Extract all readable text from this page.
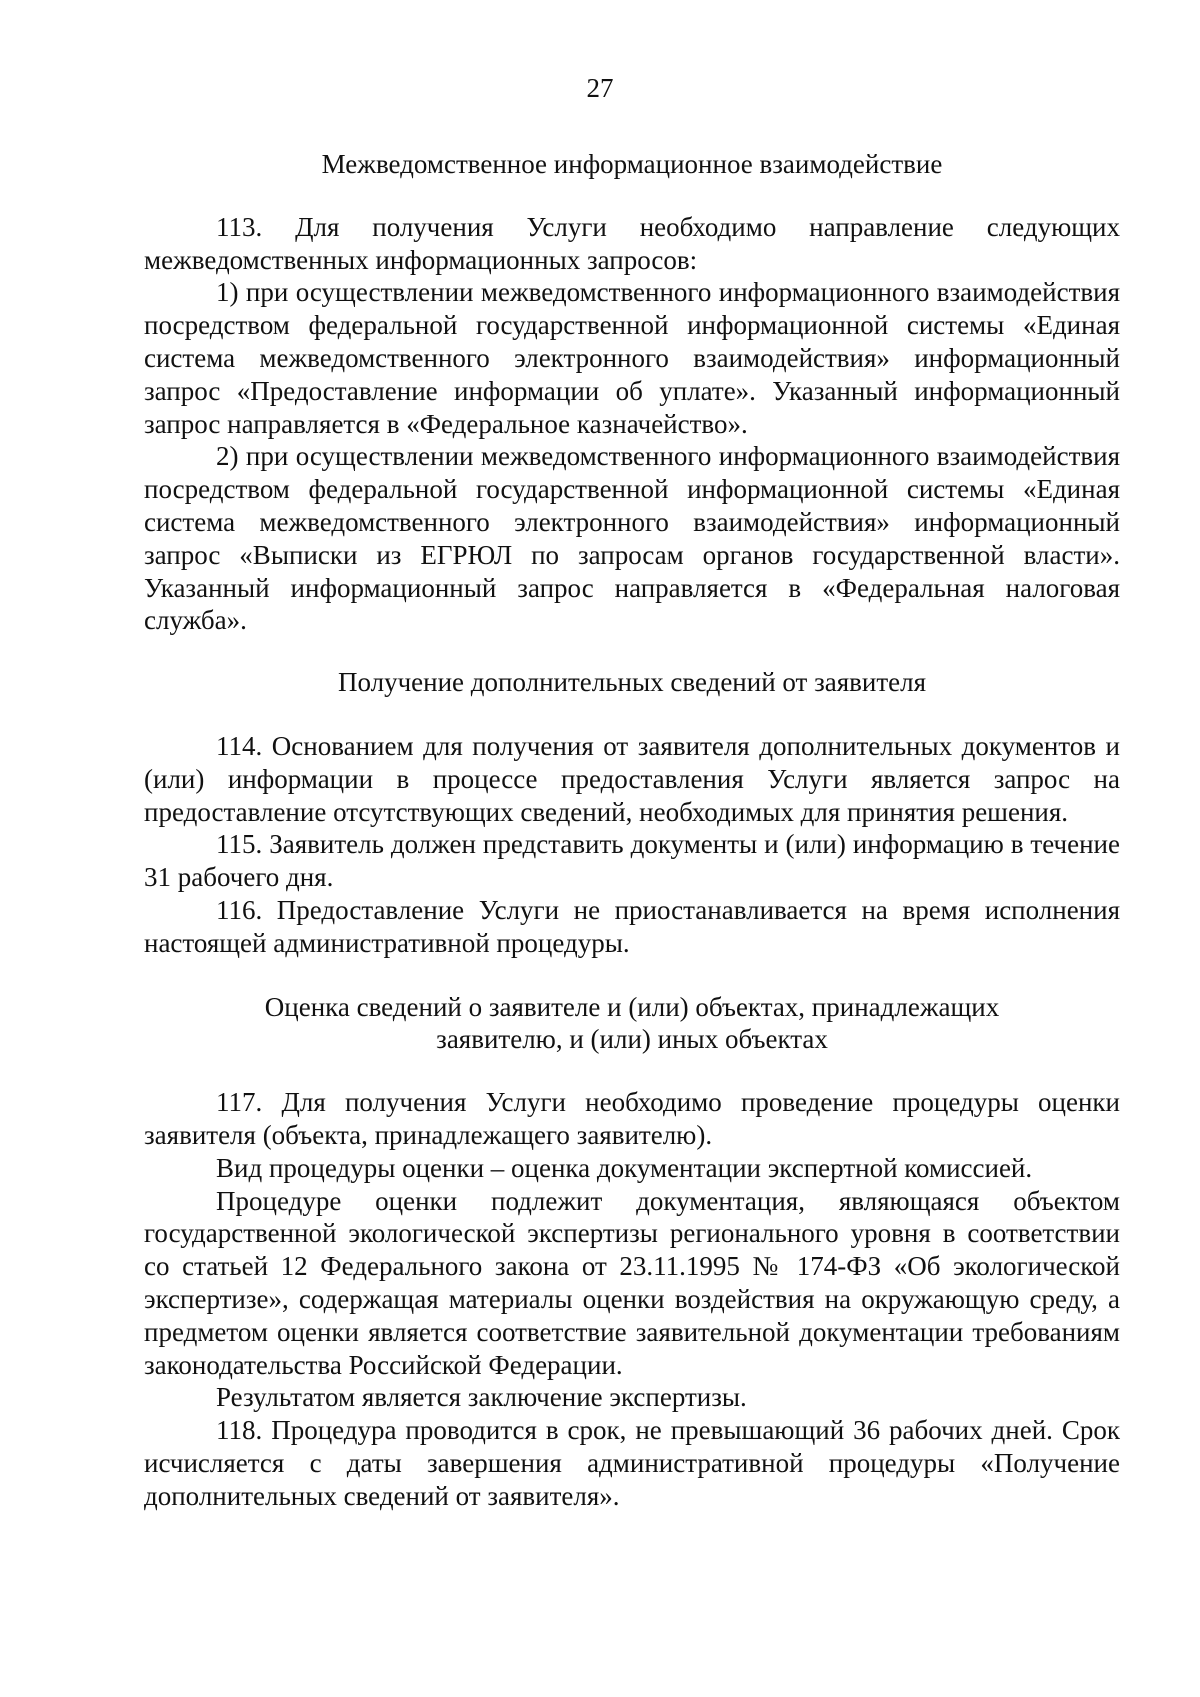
27
Межведомственное информационное взаимодействие

113. Для получения Услуги необходимо направление следующих межведомственных информационных запросов:

1) при осуществлении межведомственного информационного взаимодействия посредством федеральной государственной информационной системы «Единая система межведомственного электронного взаимодействия» информационный запрос «Предоставление информации об уплате». Указанный информационный запрос направляется в «Федеральное казначейство».

2) при осуществлении межведомственного информационного взаимодействия посредством федеральной государственной информационной системы «Единая система межведомственного электронного взаимодействия» информационный запрос «Выписки из ЕГРЮЛ по запросам органов государственной власти». Указанный информационный запрос направляется в «Федеральная налоговая служба».

Получение дополнительных сведений от заявителя

114. Основанием для получения от заявителя дополнительных документов и (или) информации в процессе предоставления Услуги является запрос на предоставление отсутствующих сведений, необходимых для принятия решения.

115. Заявитель должен представить документы и (или) информацию в течение 31 рабочего дня.

116. Предоставление Услуги не приостанавливается на время исполнения настоящей административной процедуры.

Оценка сведений о заявителе и (или) объектах, принадлежащих
заявителю, и (или) иных объектах

117. Для получения Услуги необходимо проведение процедуры оценки заявителя (объекта, принадлежащего заявителю).

Вид процедуры оценки – оценка документации экспертной комиссией.

Процедуре оценки подлежит документация, являющаяся объектом государственной экологической экспертизы регионального уровня в соответствии со статьей 12 Федерального закона от 23.11.1995 № 174-ФЗ «Об экологической экспертизе», содержащая материалы оценки воздействия на окружающую среду, а предметом оценки является соответствие заявительной документации требованиям законодательства Российской Федерации.

Результатом является заключение экспертизы.

118. Процедура проводится в срок, не превышающий 36 рабочих дней. Срок исчисляется с даты завершения административной процедуры «Получение дополнительных сведений от заявителя».
